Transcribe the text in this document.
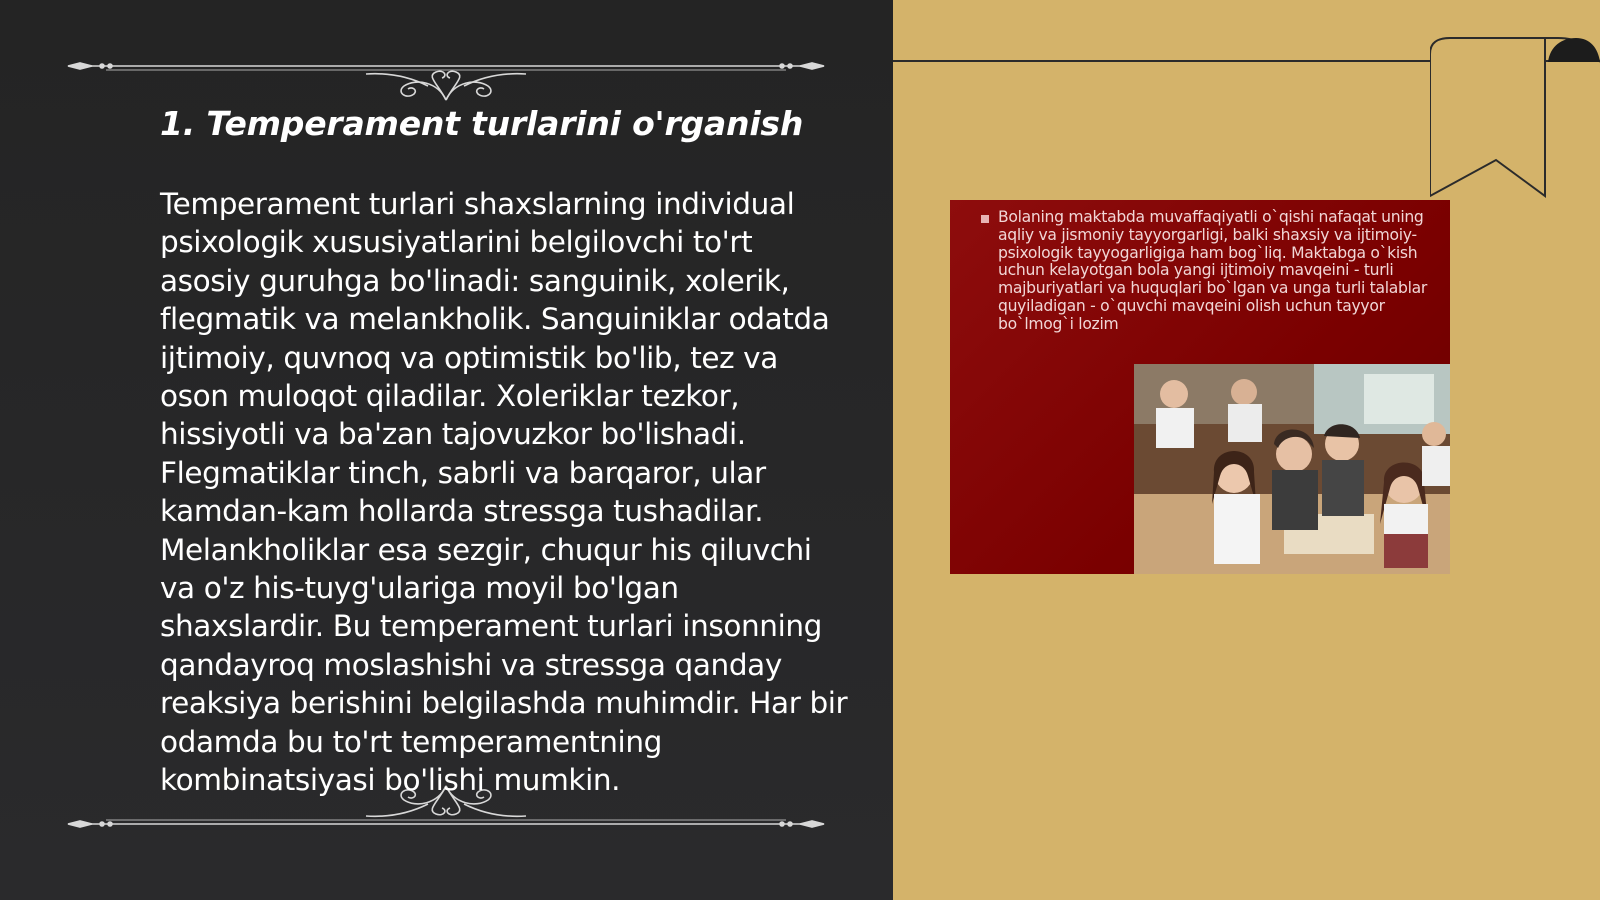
1. Temperament turlarini o'rganish

Temperament turlari shaxslarning individual psixologik xususiyatlarini belgilovchi to'rt asosiy guruhga bo'linadi: sanguinik, xolerik, flegmatik va melankholik. Sanguiniklar odatda ijtimoiy, quvnoq va optimistik bo'lib, tez va oson muloqot qiladilar. Xoleriklar tezkor, hissiyotli va ba'zan tajovuzkor bo'lishadi. Flegmatiklar tinch, sabrli va barqaror, ular kamdan-kam hollarda stressga tushadilar. Melankholiklar esa sezgir, chuqur his qiluvchi va o'z his-tuyg'ulariga moyil bo'lgan shaxslardir. Bu temperament turlari insonning qandayroq moslashishi va stressga qanday reaksiya berishini belgilashda muhimdir. Har bir odamda bu to'rt temperamentning kombinatsiyasi bo'lishi mumkin.

Bolaning maktabda muvaffaqiyatli o`qishi nafaqat uning aqliy va jismoniy tayyorgarligi, balki shaxsiy va ijtimoiy-psixologik tayyogarligiga ham bog`liq. Maktabga o`kish uchun kelayotgan bola yangi ijtimoiy mavqeini - turli majburiyatlari va huquqlari bo`lgan va unga turli talablar quyiladigan - o`quvchi mavqeini olish uchun tayyor bo`lmog`i lozim
